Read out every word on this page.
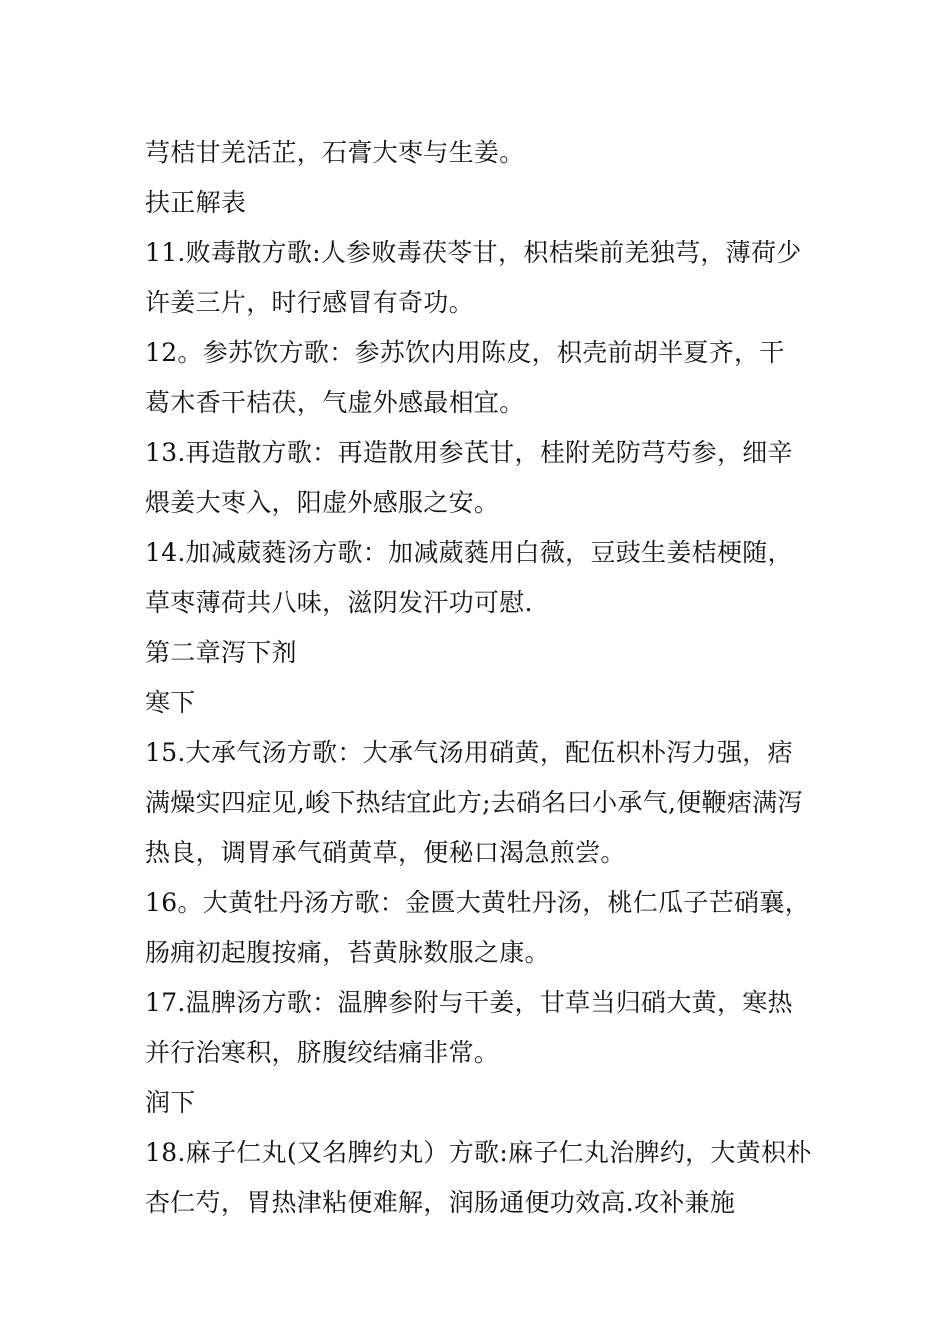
芎桔甘羌活芷，石膏大枣与生姜。
扶正解表
11.败毒散方歌:人参败毒茯苓甘，枳桔柴前羌独芎，薄荷少
许姜三片，时行感冒有奇功。
12。参苏饮方歌：参苏饮内用陈皮，枳壳前胡半夏齐，干
葛木香干桔茯，气虚外感最相宜。
13.再造散方歌：再造散用参芪甘，桂附羌防芎芍参，细辛
煨姜大枣入，阳虚外感服之安。
14.加减葳蕤汤方歌：加减葳蕤用白薇，豆豉生姜桔梗随，
草枣薄荷共八味，滋阴发汗功可慰.
第二章泻下剂
寒下
15.大承气汤方歌：大承气汤用硝黄，配伍枳朴泻力强，痞
满燥实四症见,峻下热结宜此方;去硝名曰小承气,便鞭痞满泻
热良，调胃承气硝黄草，便秘口渴急煎尝。
16。大黄牡丹汤方歌：金匮大黄牡丹汤，桃仁瓜子芒硝襄，
肠痈初起腹按痛，苔黄脉数服之康。
17.温脾汤方歌：温脾参附与干姜，甘草当归硝大黄，寒热
并行治寒积，脐腹绞结痛非常。
润下
18.麻子仁丸(又名脾约丸）方歌:麻子仁丸治脾约，大黄枳朴
杏仁芍，胃热津粘便难解，润肠通便功效高.攻补兼施
